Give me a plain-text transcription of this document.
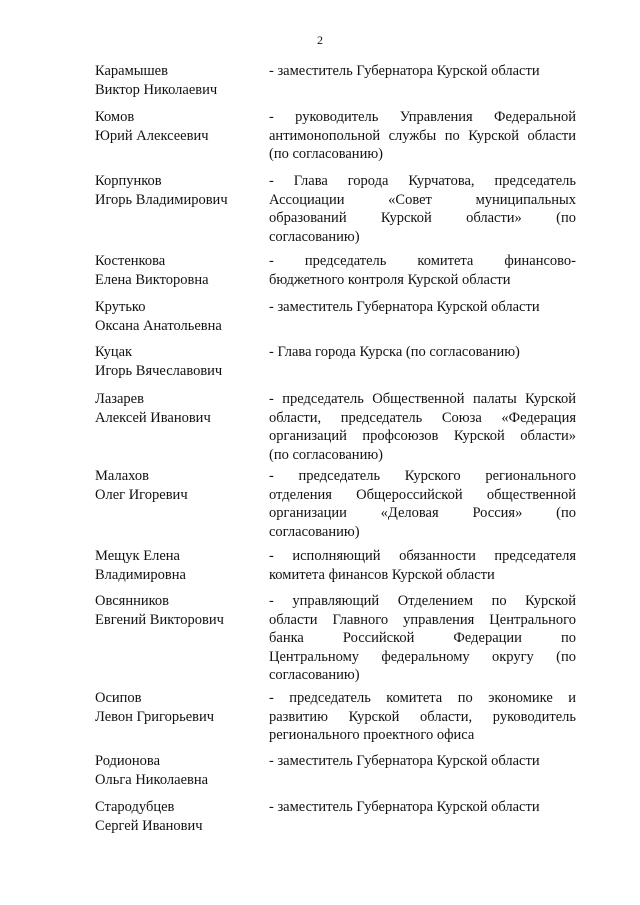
2
Карамышев
Виктор Николаевич
- заместитель Губернатора Курской области
Комов
Юрий Алексеевич
- руководитель Управления Федеральной
антимонопольной службы по Курской области
(по согласованию)
Корпунков
Игорь Владимирович
- Глава города Курчатова, председатель
Ассоциации «Совет муниципальных
образований Курской области» (по
согласованию)
Костенкова
Елена Викторовна
- председатель комитета финансово-
бюджетного контроля Курской области
Крутько
Оксана Анатольевна
- заместитель Губернатора Курской области
Куцак
Игорь Вячеславович
- Глава города Курска (по согласованию)
Лазарев
Алексей Иванович
- председатель Общественной палаты Курской
области, председатель Союза «Федерация
организаций профсоюзов Курской области»
(по согласованию)
Малахов
Олег Игоревич
- председатель Курского регионального
отделения Общероссийской общественной
организации «Деловая Россия» (по
согласованию)
Мещук Елена
Владимировна
- исполняющий обязанности председателя
комитета финансов Курской области
Овсянников
Евгений Викторович
- управляющий Отделением по Курской
области Главного управления Центрального
банка Российской Федерации по
Центральному федеральному округу (по
согласованию)
Осипов
Левон Григорьевич
- председатель комитета по экономике и
развитию Курской области, руководитель
регионального проектного офиса
Родионова
Ольга Николаевна
- заместитель Губернатора Курской области
Стародубцев
Сергей Иванович
- заместитель Губернатора Курской области
